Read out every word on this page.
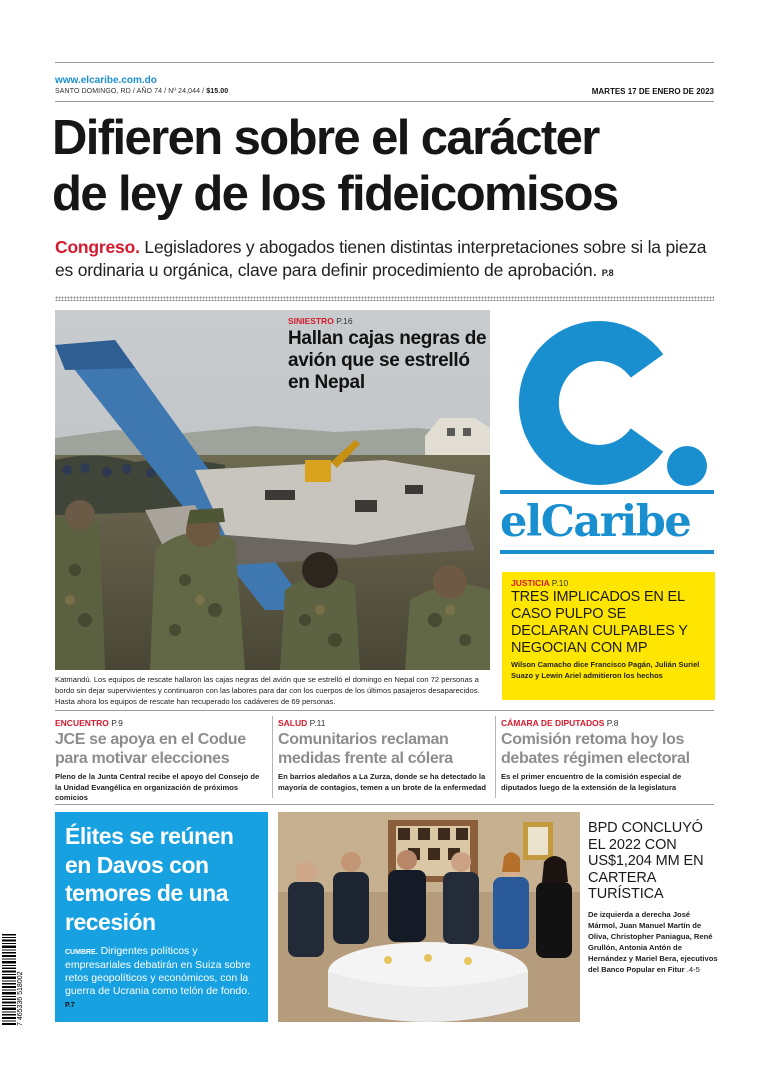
www.elcaribe.com.do
SANTO DOMINGO, RD / AÑO 74 / Nº 24,044 / $15.00	MARTES 17 DE ENERO DE 2023
Difieren sobre el carácter
de ley de los fideicomisos
Congreso. Legisladores y abogados tienen distintas interpretaciones sobre si la pieza es ordinaria u orgánica, clave para definir procedimiento de aprobación. P.8
SINIESTRO P.16
Hallan cajas negras de avión que se estrelló en Nepal
Katmandú. Los equipos de rescate hallaron las cajas negras del avión que se estrelló el domingo en Nepal con 72 personas a bordo sin dejar supervivientes y continuaron con las labores para dar con los cuerpos de los últimos pasajeros desaparecidos. Hasta ahora los equipos de rescate han recuperado los cadáveres de 69 personas.
elCaribe
JUSTICIA P.10
TRES IMPLICADOS EN EL CASO PULPO SE DECLARAN CULPABLES Y NEGOCIAN CON MP
Wilson Camacho dice Francisco Pagán, Julián Suriel Suazo y Lewin Ariel admitieron los hechos
ENCUENTRO P.9
JCE se apoya en el Codue para motivar elecciones
Pleno de la Junta Central recibe el apoyo del Consejo de la Unidad Evangélica en organización de próximos comicios
SALUD P.11
Comunitarios reclaman medidas frente al cólera
En barrios aledaños a La Zurza, donde se ha detectado la mayoría de contagios, temen a un brote de la enfermedad
CÁMARA DE DIPUTADOS P.8
Comisión retoma hoy los debates régimen electoral
Es el primer encuentro de la comisión especial de diputados luego de la extensión de la legislatura
Élites se reúnen en Davos con temores de una recesión
CUMBRE. Dirigentes políticos y empresariales debatirán en Suiza sobre retos geopolíticos y económicos, con la guerra de Ucrania como telón de fondo. P.7
BPD CONCLUYÓ EL 2022 CON US$1,204 MM EN CARTERA TURÍSTICA
De izquierda a derecha José Mármol, Juan Manuel Martín de Oliva, Christopher Paniagua, René Grullón, Antonia Antón de Hernández y Mariel Bera, ejecutivos del Banco Popular en Fitur .4-5
7 465336 518002
